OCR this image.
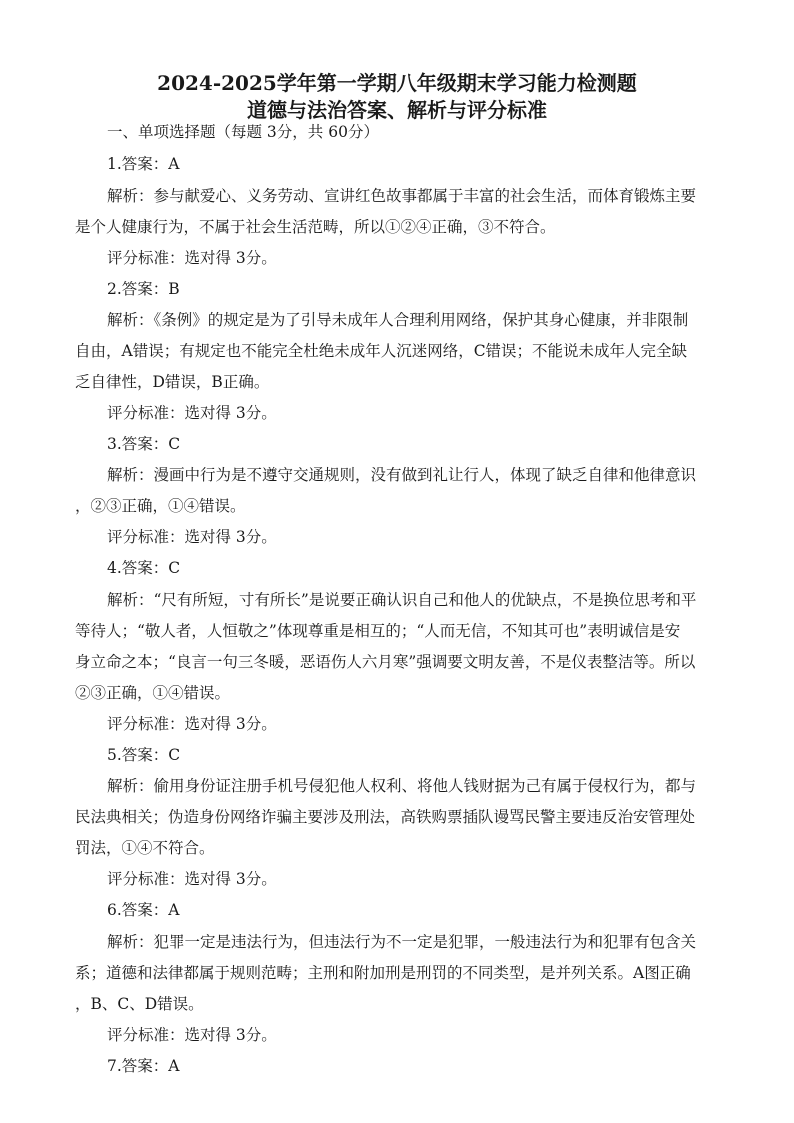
2024-2025学年第一学期八年级期末学习能力检测题
道德与法治答案、解析与评分标准
一、单项选择题（每题 3分，共 60分）
1.答案：A
解析：参与献爱心、义务劳动、宣讲红色故事都属于丰富的社会生活，而体育锻炼主要
是个人健康行为，不属于社会生活范畴，所以①②④正确，③不符合。
评分标准：选对得 3分。
2.答案：B
解析：《条例》的规定是为了引导未成年人合理利用网络，保护其身心健康，并非限制
自由，A错误；有规定也不能完全杜绝未成年人沉迷网络，C错误；不能说未成年人完全缺
乏自律性，D错误，B正确。
评分标准：选对得 3分。
3.答案：C
解析：漫画中行为是不遵守交通规则，没有做到礼让行人，体现了缺乏自律和他律意识
，②③正确，①④错误。
评分标准：选对得 3分。
4.答案：C
解析：“尺有所短，寸有所长”是说要正确认识自己和他人的优缺点，不是换位思考和平
等待人；“敬人者，人恒敬之”体现尊重是相互的；“人而无信，不知其可也”表明诚信是安
身立命之本；“良言一句三冬暖，恶语伤人六月寒”强调要文明友善，不是仪表整洁等。所以
②③正确，①④错误。
评分标准：选对得 3分。
5.答案：C
解析：偷用身份证注册手机号侵犯他人权利、将他人钱财据为己有属于侵权行为，都与
民法典相关；伪造身份网络诈骗主要涉及刑法，高铁购票插队谩骂民警主要违反治安管理处
罚法，①④不符合。
评分标准：选对得 3分。
6.答案：A
解析：犯罪一定是违法行为，但违法行为不一定是犯罪，一般违法行为和犯罪有包含关
系；道德和法律都属于规则范畴；主刑和附加刑是刑罚的不同类型，是并列关系。A图正确
，B、C、D错误。
评分标准：选对得 3分。
7.答案：A
